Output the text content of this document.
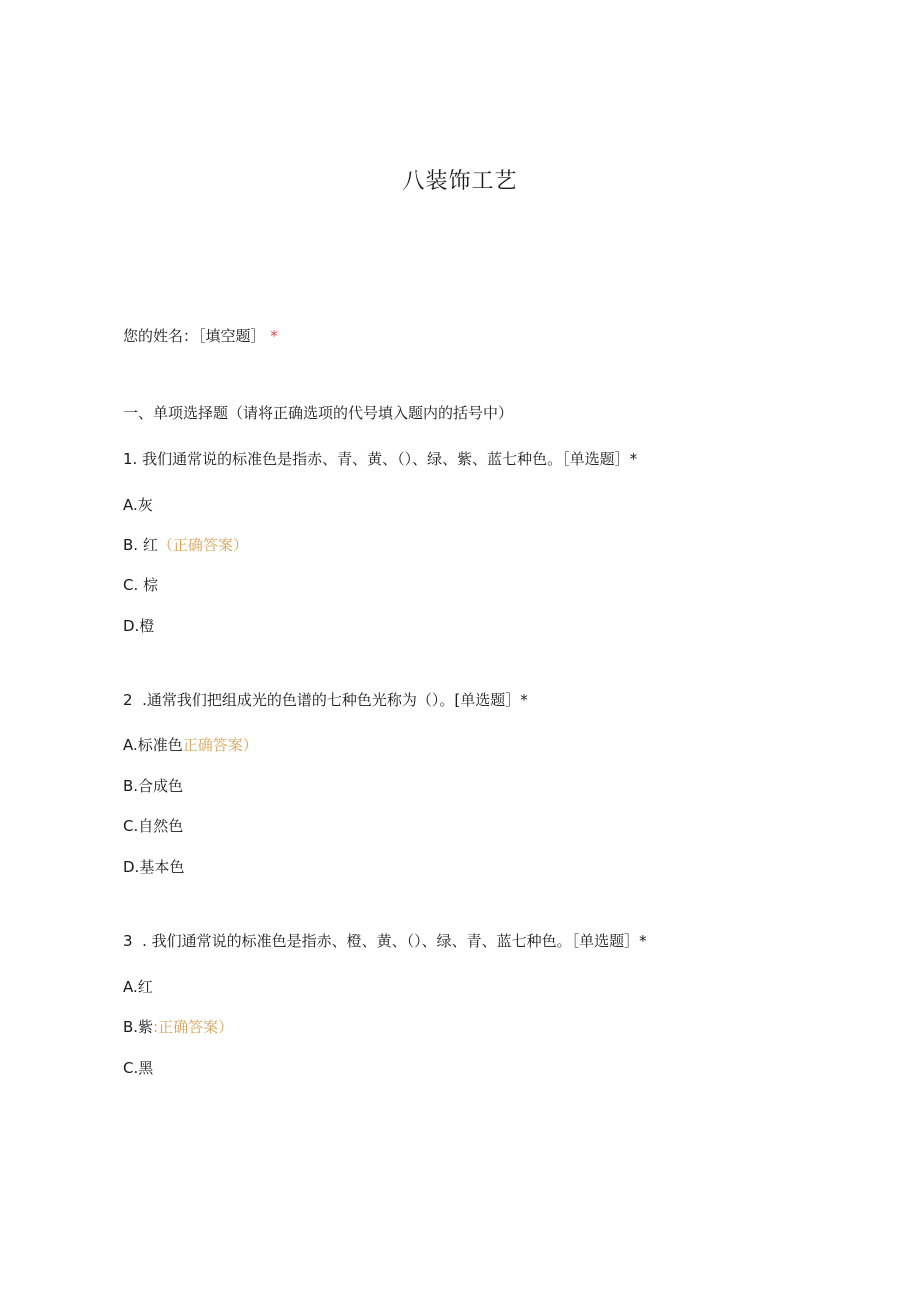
八装饰工艺
您的姓名：［填空题］ *
一、单项选择题（请将正确选项的代号填入题内的括号中）
1. 我们通常说的标准色是指赤、青、黄、（）、绿、紫、蓝七种色。［单选题］*
A.灰
B. 红（正确答案）
C. 棕
D.橙
2  .通常我们把组成光的色谱的七种色光称为（）。[单选题］*
A.标准色正确答案）
B.合成色
C.自然色
D.基本色
3  . 我们通常说的标准色是指赤、橙、黄、（）、绿、青、蓝七种色。［单选题］*
A.红
B.紫:正确答案）
C.黑
